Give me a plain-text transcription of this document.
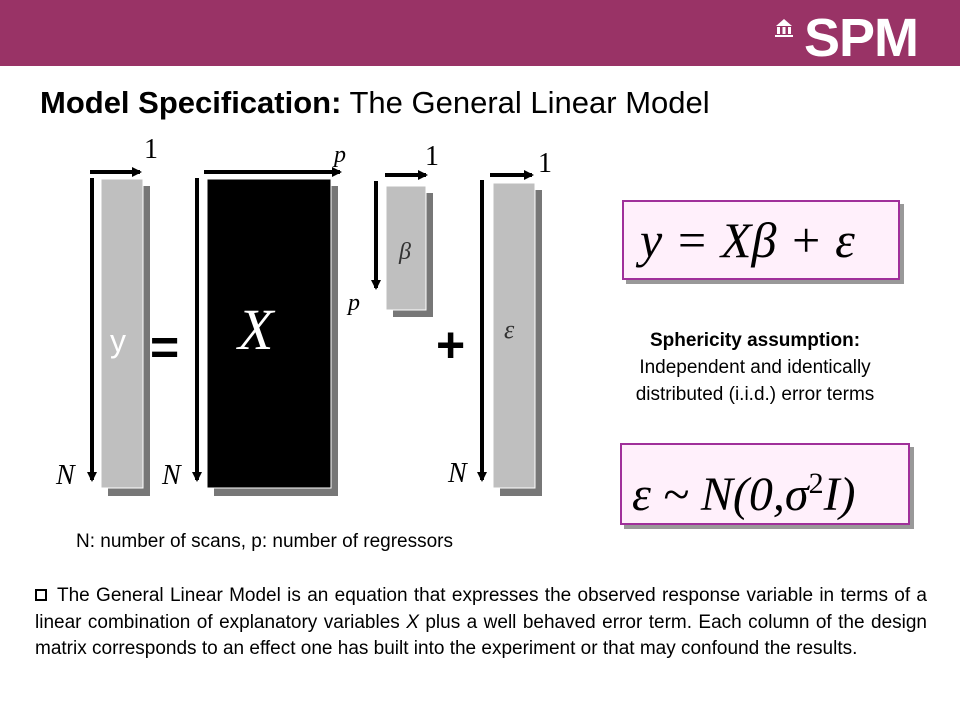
SPM
Model Specification: The General Linear Model
1
N
y =
p
N
X
1
p
β
+
1
N
ε
y = Xβ + ε
Sphericity assumption:
Independent and identically
distributed (i.i.d.) error terms
ε ~ $N(0,\sigma^2I)$
N: number of scans, p: number of regressors
The General Linear Model is an equation that expresses the observed response variable in terms of a linear combination of explanatory variables X plus a well behaved error term. Each column of the design matrix corresponds to an effect one has built into the experiment or that may confound the results.
